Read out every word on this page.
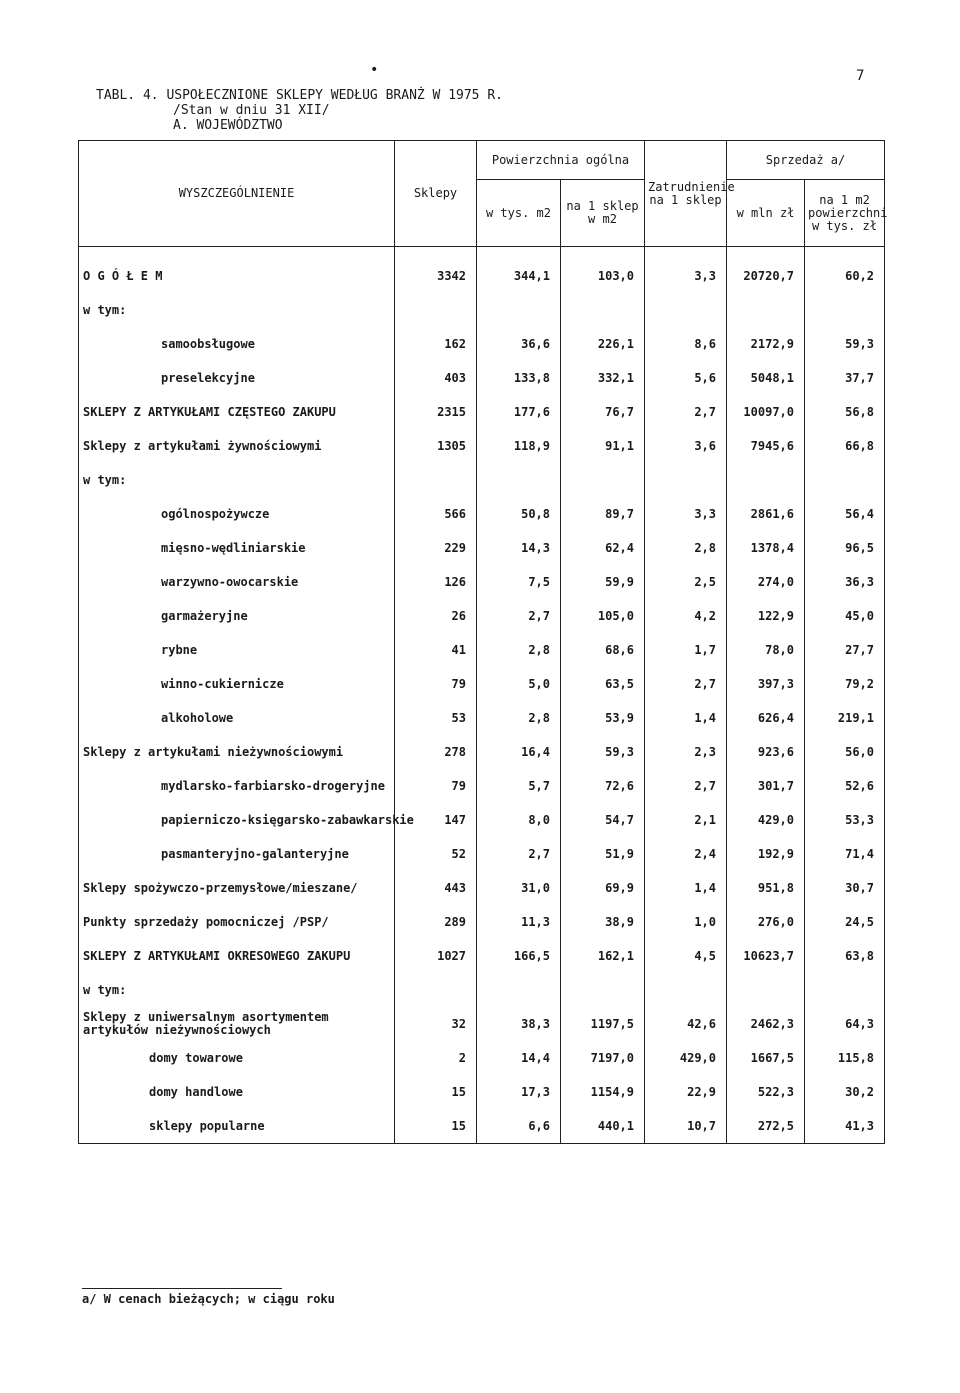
•	7
TABL. 4. USPOŁECZNIONE SKLEPY WEDŁUG BRANŻ W 1975 R.
/Stan w dniu 31 XII/
A. WOJEWÓDZTWO
WYSZCZEGÓLNIENIE	Sklepy	Powierzchnia ogólna		Zatrudnienie na 1 sklep	Sprzedaż a/	
		w tys. m2	na 1 sklep w m2		w mln zł	na 1 m2 powierzchni w tys. zł

O G Ó Ł E M	3342	344,1	103,0	3,3	20720,7	60,2
w tym:						
samoobsługowe	162	36,6	226,1	8,6	2172,9	59,3
preselekcyjne	403	133,8	332,1	5,6	5048,1	37,7
SKLEPY Z ARTYKUŁAMI CZĘSTEGO ZAKUPU	2315	177,6	76,7	2,7	10097,0	56,8
Sklepy z artykułami żywnościowymi	1305	118,9	91,1	3,6	7945,6	66,8
w tym:						
ogólnospożywcze	566	50,8	89,7	3,3	2861,6	56,4
mięsno-wędliniarskie	229	14,3	62,4	2,8	1378,4	96,5
warzywno-owocarskie	126	7,5	59,9	2,5	274,0	36,3
garmażeryjne	26	2,7	105,0	4,2	122,9	45,0
rybne	41	2,8	68,6	1,7	78,0	27,7
winno-cukiernicze	79	5,0	63,5	2,7	397,3	79,2
alkoholowe	53	2,8	53,9	1,4	626,4	219,1
Sklepy z artykułami nieżywnościowymi	278	16,4	59,3	2,3	923,6	56,0
mydlarsko-farbiarsko-drogeryjne	79	5,7	72,6	2,7	301,7	52,6
papierniczo-księgarsko-zabawkarskie	147	8,0	54,7	2,1	429,0	53,3
pasmanteryjno-galanteryjne	52	2,7	51,9	2,4	192,9	71,4
Sklepy spożywczo-przemysłowe/mieszane/	443	31,0	69,9	1,4	951,8	30,7
Punkty sprzedaży pomocniczej /PSP/	289	11,3	38,9	1,0	276,0	24,5
SKLEPY Z ARTYKUŁAMI OKRESOWEGO ZAKUPU	1027	166,5	162,1	4,5	10623,7	63,8
w tym:						
Sklepy z uniwersalnym asortymentem artykułów nieżywnościowych	32	38,3	1197,5	42,6	2462,3	64,3
domy towarowe	2	14,4	7197,0	429,0	1667,5	115,8
domy handlowe	15	17,3	1154,9	22,9	522,3	30,2
sklepy popularne	15	6,6	440,1	10,7	272,5	41,3
a/ W cenach bieżących; w ciągu roku
